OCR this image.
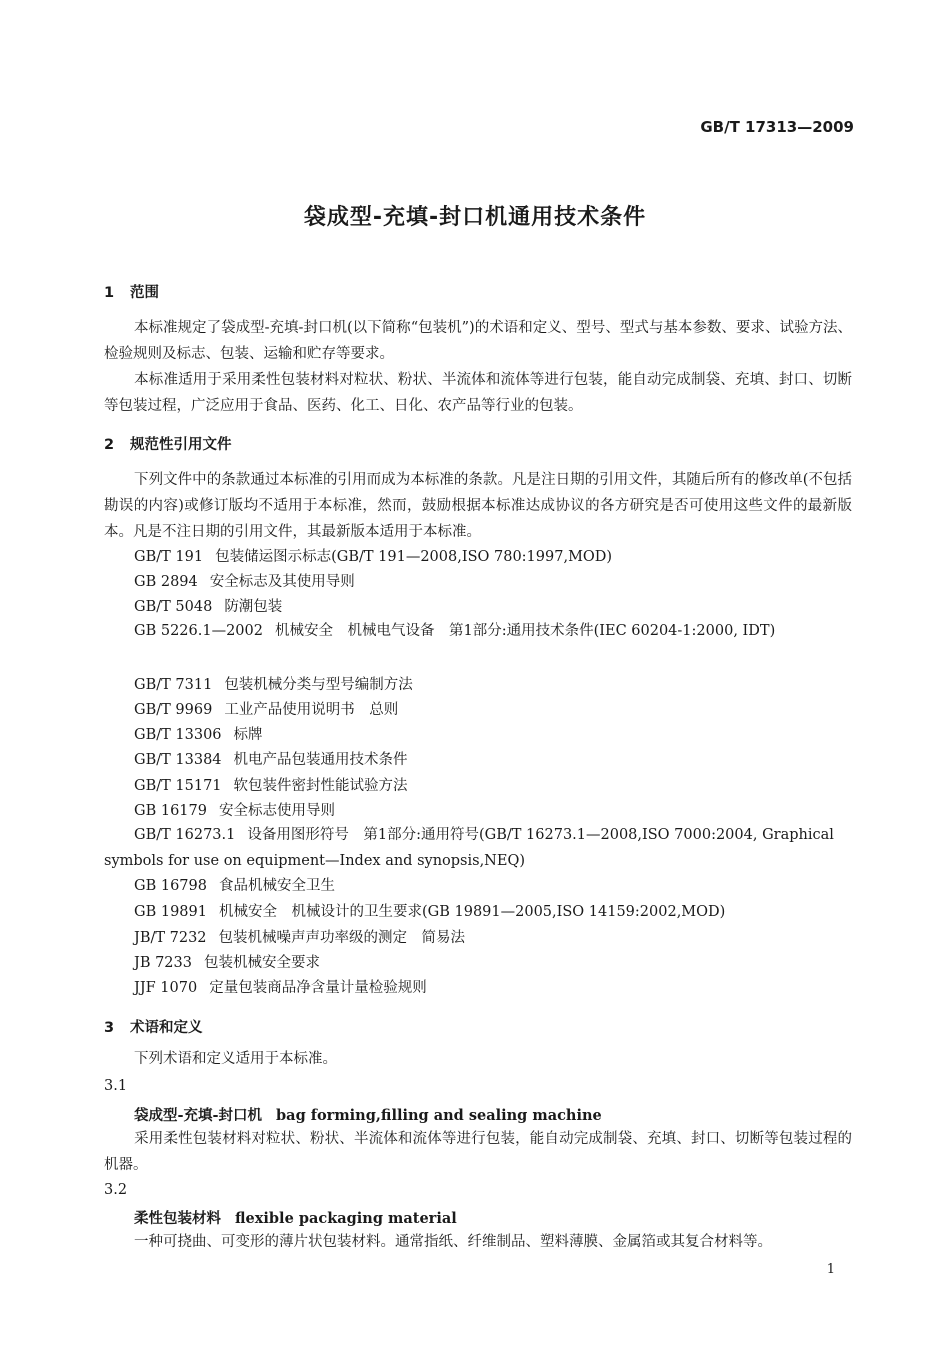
GB/T 17313—2009
袋成型-充填-封口机通用技术条件
1 范围
本标准规定了袋成型-充填-封口机(以下简称“包装机”)的术语和定义、型号、型式与基本参数、要求、试验方法、检验规则及标志、包装、运输和贮存等要求。
本标准适用于采用柔性包装材料对粒状、粉状、半流体和流体等进行包装，能自动完成制袋、充填、封口、切断等包装过程，广泛应用于食品、医药、化工、日化、农产品等行业的包装。
2 规范性引用文件
下列文件中的条款通过本标准的引用而成为本标准的条款。凡是注日期的引用文件，其随后所有的修改单(不包括勘误的内容)或修订版均不适用于本标准，然而，鼓励根据本标准达成协议的各方研究是否可使用这些文件的最新版本。凡是不注日期的引用文件，其最新版本适用于本标准。
GB/T 191 包装储运图示标志(GB/T 191—2008,ISO 780:1997,MOD)
GB 2894 安全标志及其使用导则
GB/T 5048 防潮包装
GB 5226.1—2002 机械安全　机械电气设备　第1部分:通用技术条件(IEC 60204-1:2000, IDT)
GB/T 7311 包装机械分类与型号编制方法
GB/T 9969 工业产品使用说明书　总则
GB/T 13306 标牌
GB/T 13384 机电产品包装通用技术条件
GB/T 15171 软包装件密封性能试验方法
GB 16179 安全标志使用导则
GB/T 16273.1 设备用图形符号　第1部分:通用符号(GB/T 16273.1—2008,ISO 7000:2004, Graphical symbols for use on equipment—Index and synopsis,NEQ)
GB 16798 食品机械安全卫生
GB 19891 机械安全　机械设计的卫生要求(GB 19891—2005,ISO 14159:2002,MOD)
JB/T 7232 包装机械噪声声功率级的测定　简易法
JB 7233 包装机械安全要求
JJF 1070 定量包装商品净含量计量检验规则
3 术语和定义
下列术语和定义适用于本标准。
3.1
袋成型-充填-封口机 bag forming,filling and sealing machine
采用柔性包装材料对粒状、粉状、半流体和流体等进行包装，能自动完成制袋、充填、封口、切断等包装过程的机器。
3.2
柔性包装材料 flexible packaging material
一种可挠曲、可变形的薄片状包装材料。通常指纸、纤维制品、塑料薄膜、金属箔或其复合材料等。
1
